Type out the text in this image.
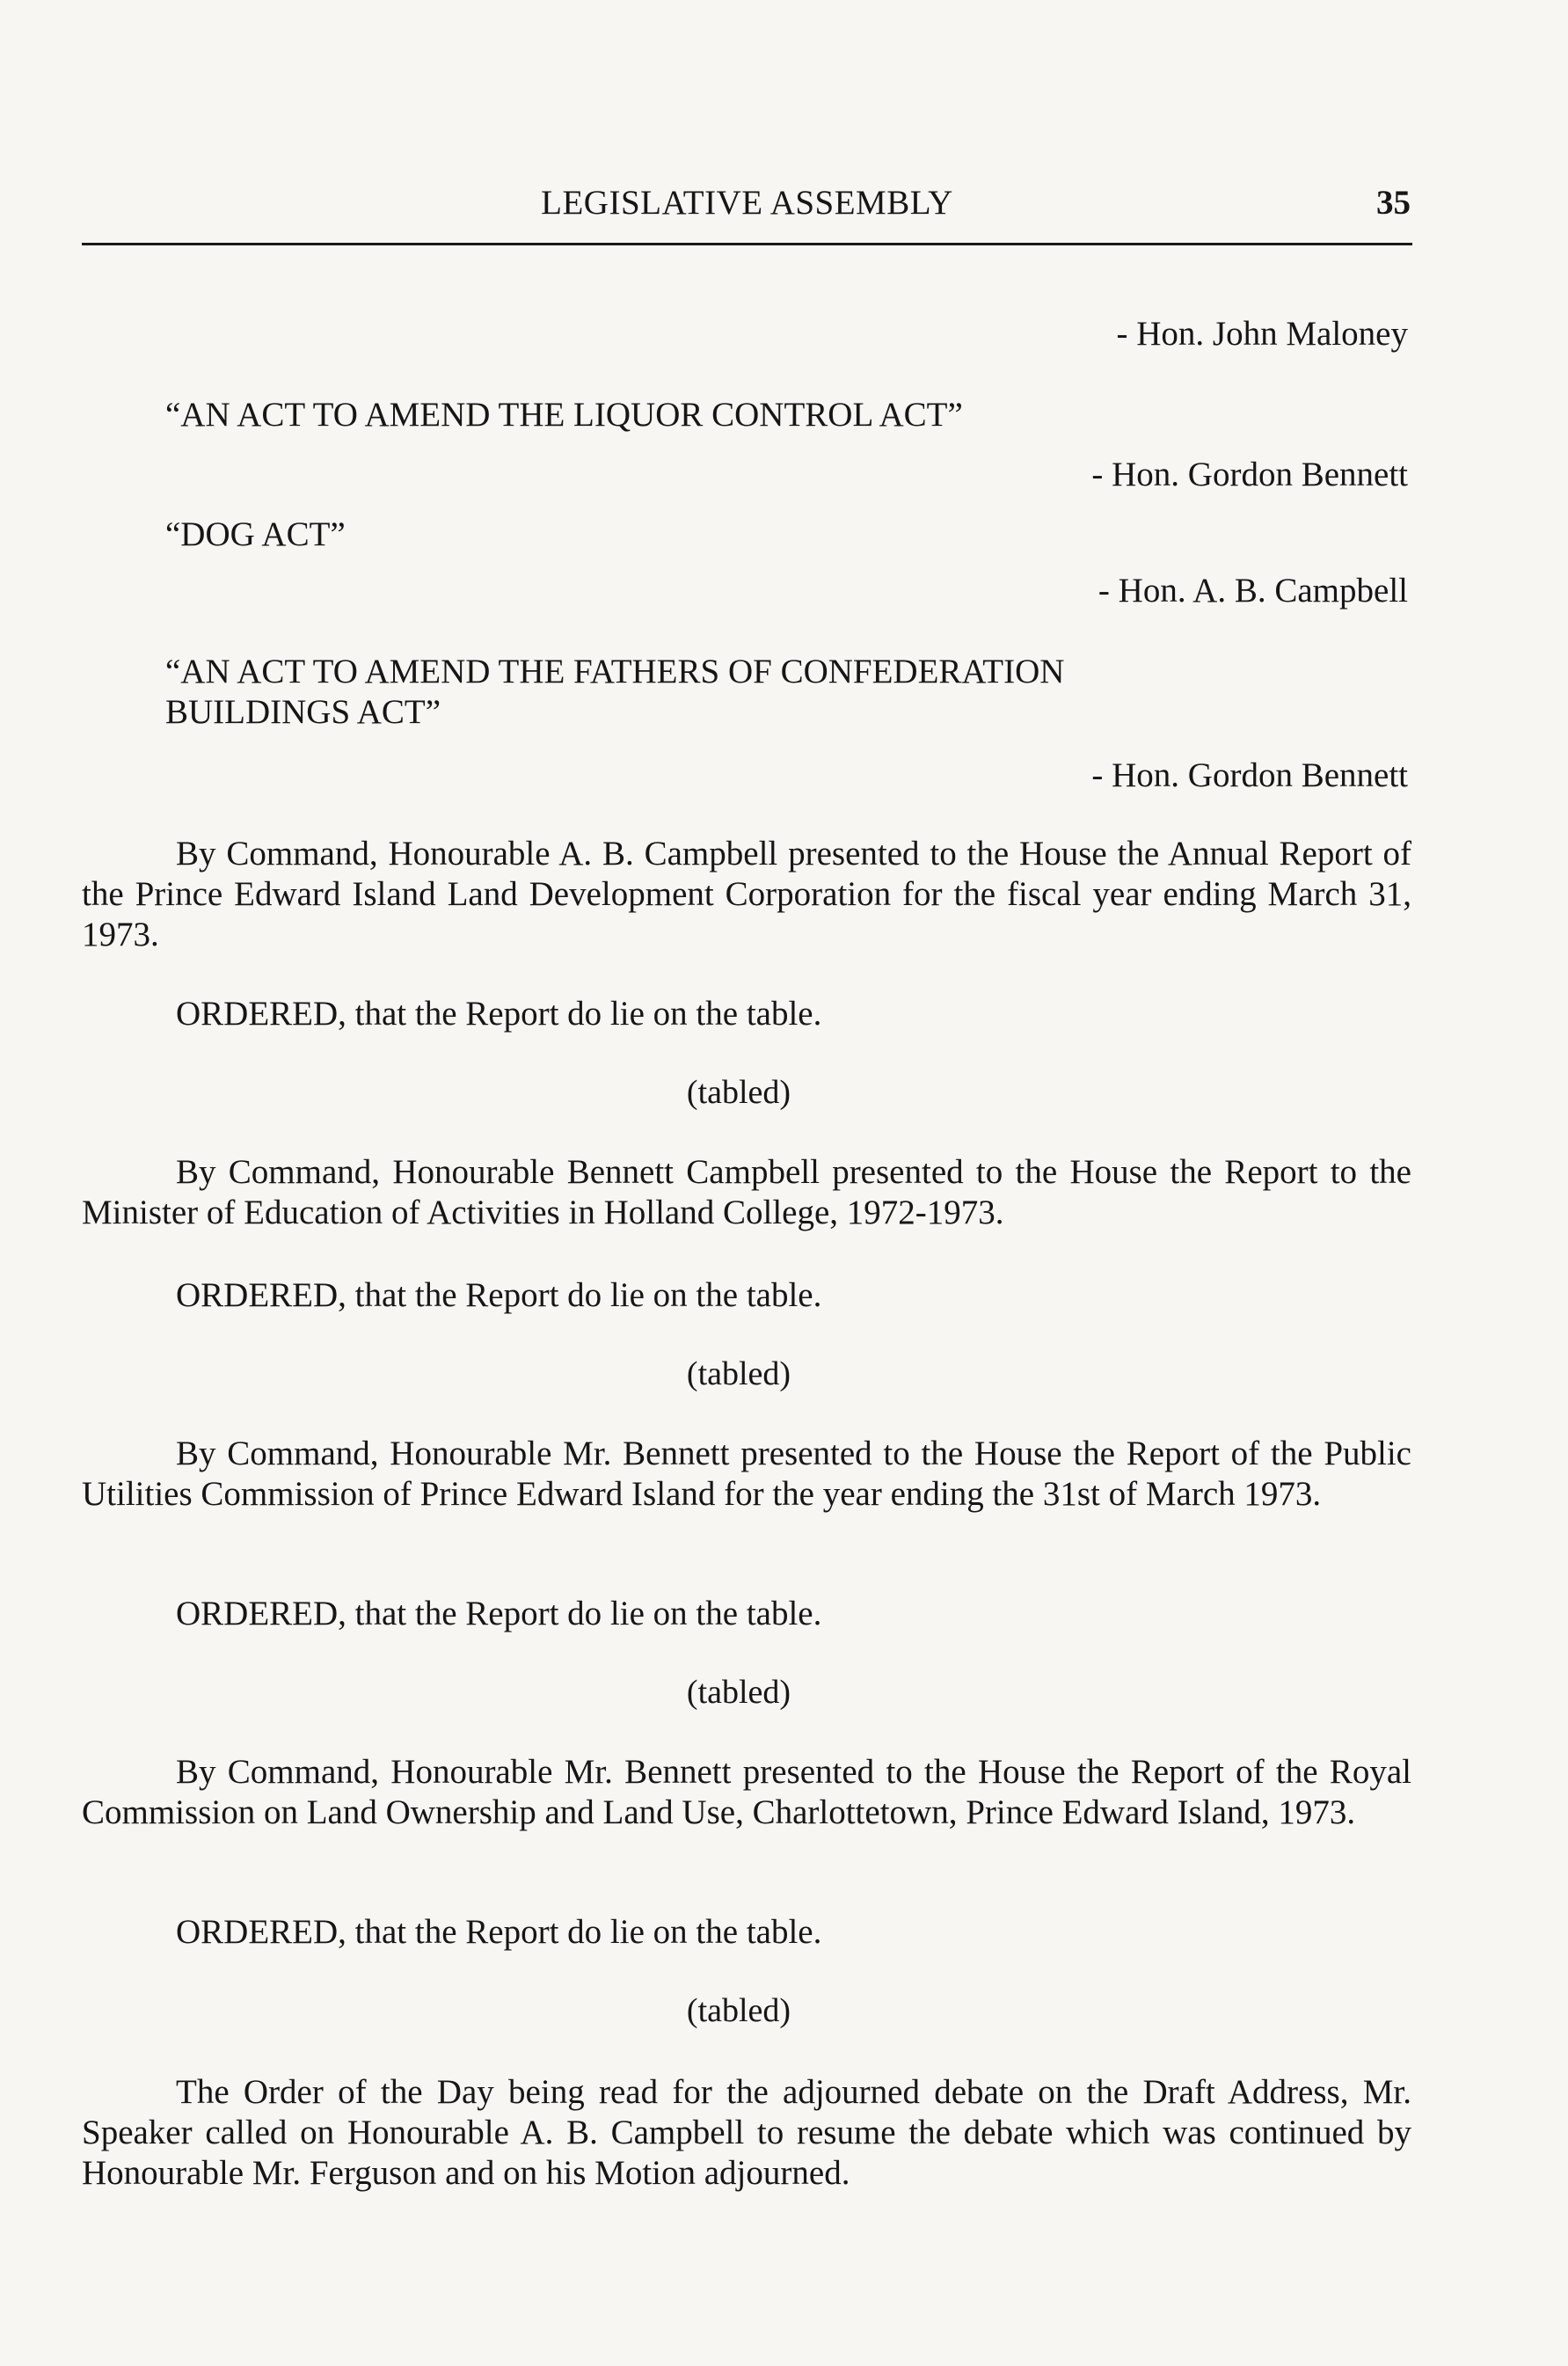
LEGISLATIVE ASSEMBLY	35
- Hon. John Maloney
“AN ACT TO AMEND THE LIQUOR CONTROL ACT”
- Hon. Gordon Bennett
“DOG ACT”
- Hon. A. B. Campbell
“AN ACT TO AMEND THE FATHERS OF CONFEDERATION
BUILDINGS ACT”
- Hon. Gordon Bennett

By Command, Honourable A. B. Campbell presented to the House the Annual Report of the Prince Edward Island Land Development Corporation for the fiscal year ending March 31, 1973.

ORDERED, that the Report do lie on the table.
(tabled)

By Command, Honourable Bennett Campbell presented to the House the Report to the Minister of Education of Activities in Holland College, 1972-1973.

ORDERED, that the Report do lie on the table.
(tabled)

By Command, Honourable Mr. Bennett presented to the House the Report of the Public Utilities Commission of Prince Edward Island for the year ending the 31st of March 1973.

ORDERED, that the Report do lie on the table.
(tabled)

By Command, Honourable Mr. Bennett presented to the House the Report of the Royal Commission on Land Ownership and Land Use, Charlottetown, Prince Edward Island, 1973.

ORDERED, that the Report do lie on the table.
(tabled)

The Order of the Day being read for the adjourned debate on the Draft Address, Mr. Speaker called on Honourable A. B. Campbell to resume the debate which was continued by Honourable Mr. Ferguson and on his Motion adjourned.
